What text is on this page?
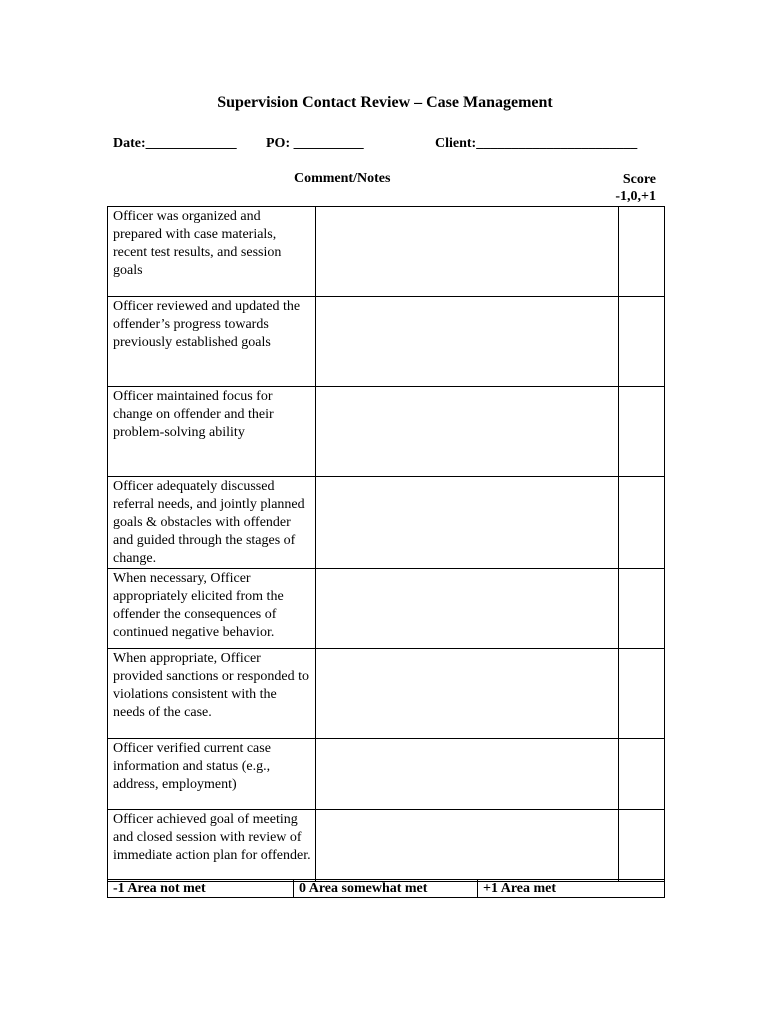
Supervision Contact Review – Case Management
Date:_____________ PO: __________	Client:_______________________
Comment/Notes	Score
-1,0,+1
Officer was organized and prepared with case materials, recent test results, and session goals		
Officer reviewed and updated the offender’s progress towards previously established goals		
Officer maintained focus for change on offender and their problem-solving ability		
Officer adequately discussed referral needs, and jointly planned goals & obstacles with offender and guided through the stages of change.		
When necessary, Officer appropriately elicited from the offender the consequences of continued negative behavior.		
When appropriate, Officer provided sanctions or responded to violations consistent with the needs of the case.		
Officer verified current case information and status (e.g., address, employment)		
Officer achieved goal of meeting and closed session with review of immediate action plan for offender.		
-1 Area not met	0 Area somewhat met	+1 Area met
